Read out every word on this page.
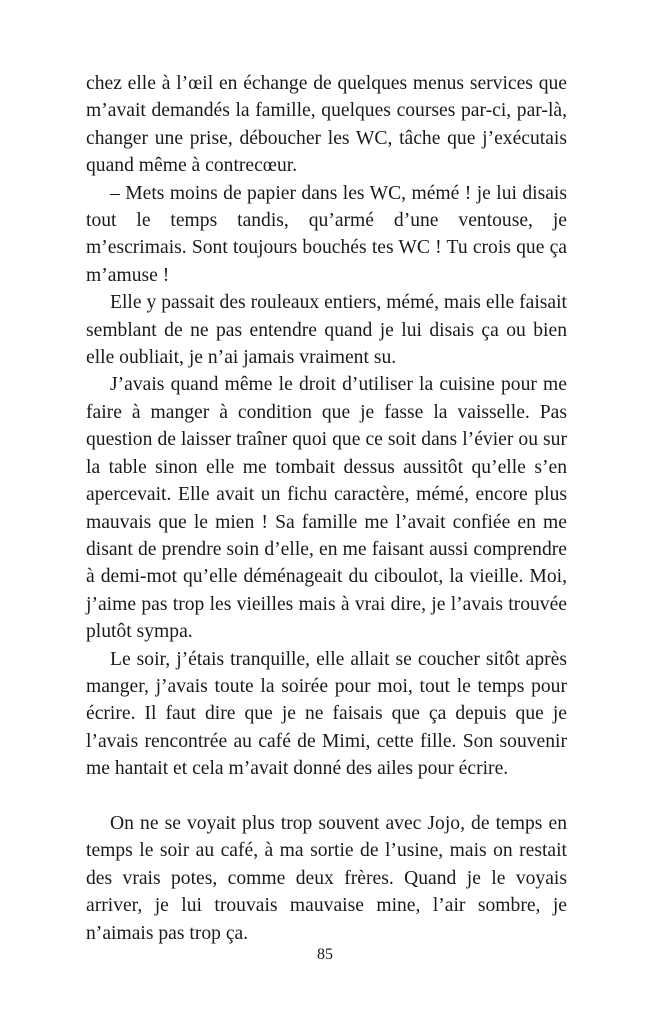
chez elle à l’œil en échange de quelques menus services que m’avait demandés la famille, quelques courses par-ci, par-là, changer une prise, déboucher les WC, tâche que j’exécutais quand même à contrecœur.

– Mets moins de papier dans les WC, mémé ! je lui disais tout le temps tandis, qu’armé d’une ventouse, je m’escrimais. Sont toujours bouchés tes WC ! Tu crois que ça m’amuse !

Elle y passait des rouleaux entiers, mémé, mais elle faisait semblant de ne pas entendre quand je lui disais ça ou bien elle oubliait, je n’ai jamais vraiment su.

J’avais quand même le droit d’utiliser la cuisine pour me faire à manger à condition que je fasse la vaisselle. Pas question de laisser traîner quoi que ce soit dans l’évier ou sur la table sinon elle me tombait dessus aussitôt qu’elle s’en apercevait. Elle avait un fichu caractère, mémé, encore plus mauvais que le mien ! Sa famille me l’avait confiée en me disant de prendre soin d’elle, en me faisant aussi comprendre à demi-mot qu’elle déménageait du ciboulot, la vieille. Moi, j’aime pas trop les vieilles mais à vrai dire, je l’avais trouvée plutôt sympa.

Le soir, j’étais tranquille, elle allait se coucher sitôt après manger, j’avais toute la soirée pour moi, tout le temps pour écrire. Il faut dire que je ne faisais que ça depuis que je l’avais rencontrée au café de Mimi, cette fille. Son souvenir me hantait et cela m’avait donné des ailes pour écrire.

On ne se voyait plus trop souvent avec Jojo, de temps en temps le soir au café, à ma sortie de l’usine, mais on restait des vrais potes, comme deux frères. Quand je le voyais arriver, je lui trouvais mauvaise mine, l’air sombre, je n’aimais pas trop ça.

85
